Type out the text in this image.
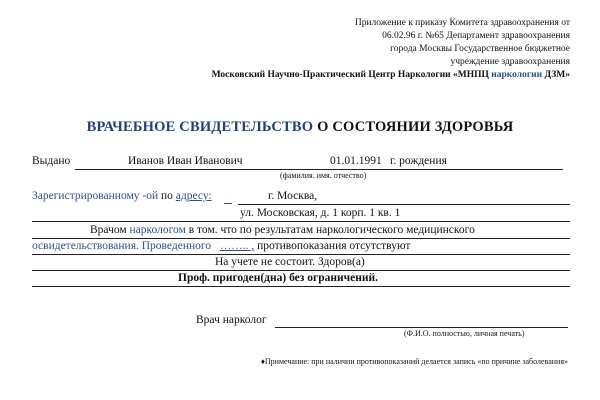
Приложение к приказу Комитета здравоохранения от
06.02.96 г. №65 Департамент здравоохранения
города Москвы Государственное бюджетное
учреждение здравоохранения
Московский Научно-Практический Центр Наркологии «МНПЦ наркологии ДЗМ»
ВРАЧЕБНОЕ СВИДЕТЕЛЬСТВО О СОСТОЯНИИ ЗДОРОВЬЯ
Выдано	Иванов Иван Иванович	01.01.1991 г. рождения
(фамилия. имя. отчество)
Зарегистрированному -ой по адресу:	г. Москва,
ул. Московская, д. 1 корп. 1 кв. 1
Врачом наркологом в том. что по результатам наркологического медицинского
освидетельствования. Проведенного …….. , противопоказания отсутствуют
На учете не состоит. Здоров(а)
Проф. пригоден(дна) без ограничений.
Врач нарколог
(Ф.И.О. полностью, личная печать)
♦Примечание: при наличии противопоказаний делается запись «по причине заболевания»
